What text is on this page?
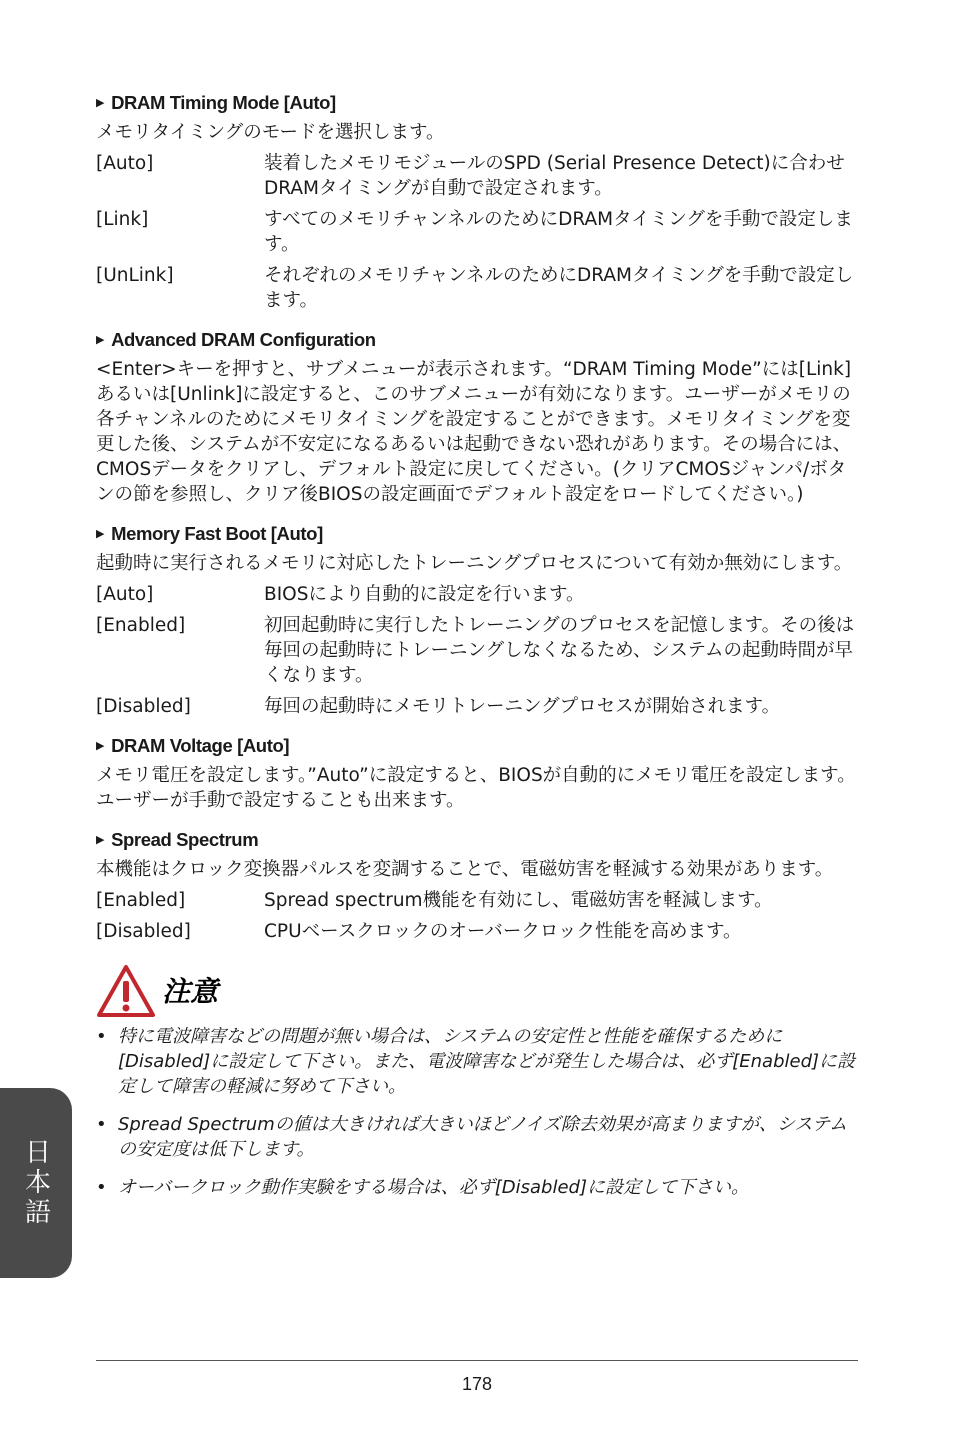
▶ DRAM Timing Mode [Auto]
メモリタイミングのモードを選択します。
[Auto]	装着したメモリモジュールのSPD (Serial Presence Detect)に合わせDRAMタイミングが自動で設定されます。
[Link]	すべてのメモリチャンネルのためにDRAMタイミングを手動で設定します。
[UnLink]	それぞれのメモリチャンネルのためにDRAMタイミングを手動で設定します。
▶ Advanced DRAM Configuration
<Enter>キーを押すと、サブメニューが表示されます。“DRAM Timing Mode”には[Link]あるいは[Unlink]に設定すると、このサブメニューが有効になります。ユーザーがメモリの各チャンネルのためにメモリタイミングを設定することができます。メモリタイミングを変更した後、システムが不安定になるあるいは起動できない恐れがあります。その場合には、CMOSデータをクリアし、デフォルト設定に戻してください。(クリアCMOSジャンパ/ボタンの節を参照し、クリア後BIOSの設定画面でデフォルト設定をロードしてください。)
▶ Memory Fast Boot [Auto]
起動時に実行されるメモリに対応したトレーニングプロセスについて有効か無効にします。
[Auto]	BIOSにより自動的に設定を行います。
[Enabled]	初回起動時に実行したトレーニングのプロセスを記憶します。その後は毎回の起動時にトレーニングしなくなるため、システムの起動時間が早くなります。
[Disabled]	毎回の起動時にメモリトレーニングプロセスが開始されます。
▶ DRAM Voltage [Auto]
メモリ電圧を設定します。”Auto”に設定すると、BIOSが自動的にメモリ電圧を設定します。ユーザーが手動で設定することも出来ます。
▶ Spread Spectrum
本機能はクロック変換器パルスを変調することで、電磁妨害を軽減する効果があります。
[Enabled]	Spread spectrum機能を有効にし、電磁妨害を軽減します。
[Disabled]	CPUベースクロックのオーバークロック性能を高めます。
注意
• 特に電波障害などの問題が無い場合は、システムの安定性と性能を確保するために[Disabled]に設定して下さい。また、電波障害などが発生した場合は、必ず[Enabled]に設定して障害の軽減に努めて下さい。
• Spread Spectrumの値は大きければ大きいほどノイズ除去効果が高まりますが、システムの安定度は低下します。
• オーバークロック動作実験をする場合は、必ず[Disabled]に設定して下さい。
日本語
178
